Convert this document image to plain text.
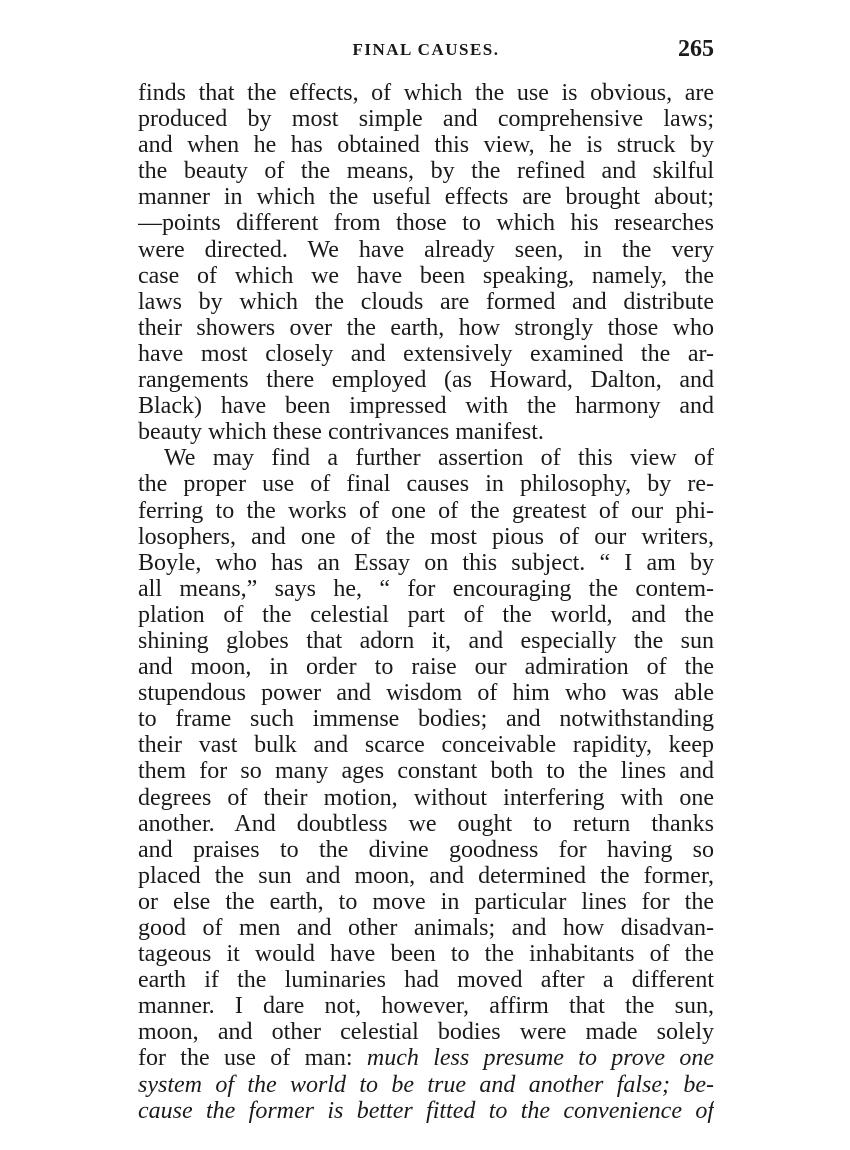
FINAL CAUSES.	265
finds that the effects, of which the use is obvious, are
produced by most simple and comprehensive laws;
and when he has obtained this view, he is struck by
the beauty of the means, by the refined and skilful
manner in which the useful effects are brought about;
—points different from those to which his researches
were directed. We have already seen, in the very
case of which we have been speaking, namely, the
laws by which the clouds are formed and distribute
their showers over the earth, how strongly those who
have most closely and extensively examined the ar-
rangements there employed (as Howard, Dalton, and
Black) have been impressed with the harmony and
beauty which these contrivances manifest.
We may find a further assertion of this view of
the proper use of final causes in philosophy, by re-
ferring to the works of one of the greatest of our phi-
losophers, and one of the most pious of our writers,
Boyle, who has an Essay on this subject. “ I am by
all means,” says he, “ for encouraging the contem-
plation of the celestial part of the world, and the
shining globes that adorn it, and especially the sun
and moon, in order to raise our admiration of the
stupendous power and wisdom of him who was able
to frame such immense bodies; and notwithstanding
their vast bulk and scarce conceivable rapidity, keep
them for so many ages constant both to the lines and
degrees of their motion, without interfering with one
another. And doubtless we ought to return thanks
and praises to the divine goodness for having so
placed the sun and moon, and determined the former,
or else the earth, to move in particular lines for the
good of men and other animals; and how disadvan-
tageous it would have been to the inhabitants of the
earth if the luminaries had moved after a different
manner. I dare not, however, affirm that the sun,
moon, and other celestial bodies were made solely
for the use of man: much less presume to prove one
system of the world to be true and another false; be-
cause the former is better fitted to the convenience of
